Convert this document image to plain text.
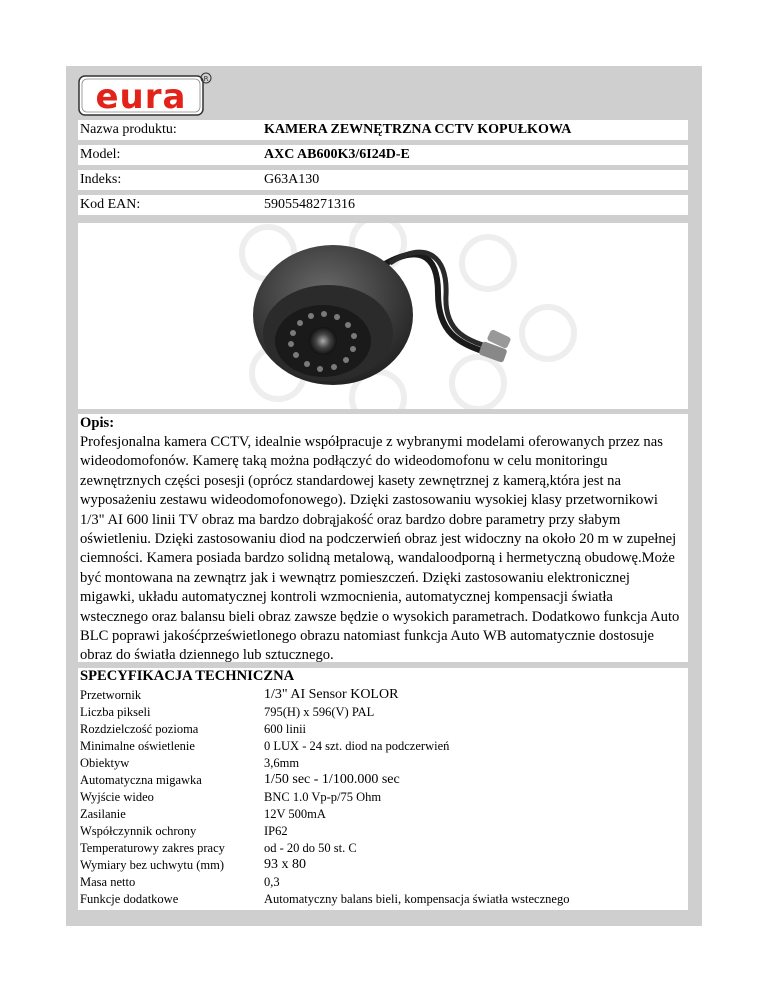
eura R
Nazwa produktu:	KAMERA ZEWNĘTRZNA CCTV KOPUŁKOWA
Model:	AXC AB600K3/6I24D-E
Indeks:	G63A130
Kod EAN:	5905548271316
Opis:
Profesjonalna kamera CCTV, idealnie współpracuje z wybranymi modelami oferowanych przez nas wideodomofonów. Kamerę taką można podłączyć do wideodomofonu w celu monitoringu zewnętrznych części posesji (oprócz standardowej kasety zewnętrznej z kamerą,która jest na wyposażeniu zestawu wideodomofonowego). Dzięki zastosowaniu wysokiej klasy przetwornikowi 1/3" AI 600 linii TV obraz ma bardzo dobrąjakość oraz bardzo dobre parametry przy słabym oświetleniu. Dzięki zastosowaniu diod na podczerwień obraz jest widoczny na około 20 m w zupełnej ciemności. Kamera posiada bardzo solidną metalową, wandaloodporną i hermetyczną obudowę.Może być montowana na zewnątrz jak i wewnątrz pomieszczeń. Dzięki zastosowaniu elektronicznej migawki, układu automatycznej kontroli wzmocnienia, automatycznej kompensacji światła wstecznego oraz balansu bieli obraz zawsze będzie o wysokich parametrach. Dodatkowo funkcja Auto BLC poprawi jakośćprześwietlonego obrazu natomiast funkcja Auto WB automatycznie dostosuje obraz do światła dziennego lub sztucznego.
SPECYFIKACJA TECHNICZNA
Przetwornik	1/3" AI Sensor KOLOR
Liczba pikseli	795(H) x 596(V) PAL
Rozdzielczość pozioma	600 linii
Minimalne oświetlenie	0 LUX - 24 szt. diod na podczerwień
Obiektyw	3,6mm
Automatyczna migawka	1/50 sec - 1/100.000 sec
Wyjście wideo	BNC 1.0 Vp-p/75 Ohm
Zasilanie	12V 500mA
Współczynnik ochrony	IP62
Temperaturowy zakres pracy	od - 20 do 50 st. C
Wymiary bez uchwytu (mm)	93 x 80
Masa netto	0,3
Funkcje dodatkowe	Automatyczny balans bieli, kompensacja światła wstecznego
